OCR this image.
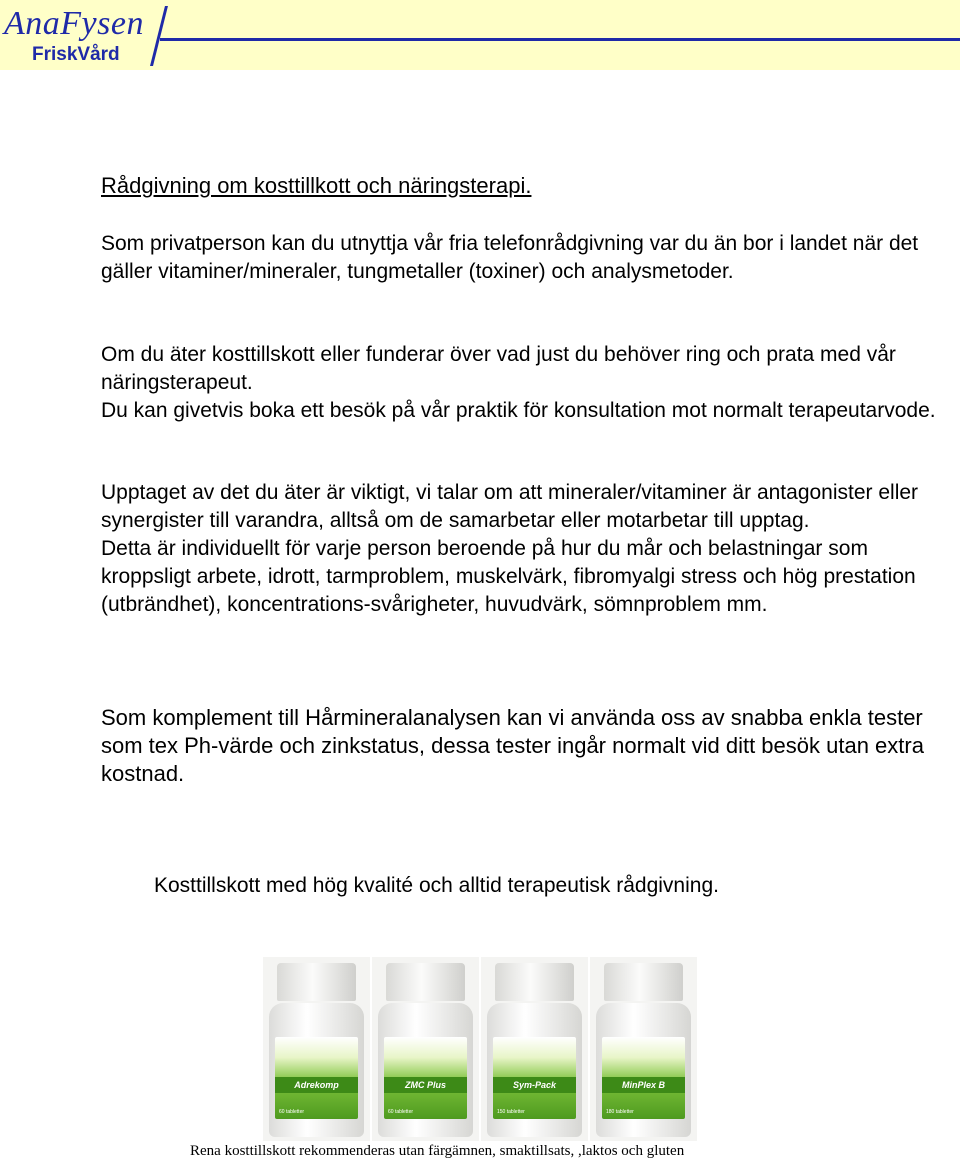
AnaFysen
FriskVård

Rådgivning om kosttillkott och näringsterapi.

Som privatperson kan du utnyttja vår fria telefonrådgivning var du än bor i landet när det gäller vitaminer/mineraler, tungmetaller (toxiner) och analysmetoder.

Om du äter kosttillskott eller funderar över vad just du behöver ring och prata med vår näringsterapeut.
Du kan givetvis boka ett besök på vår praktik för konsultation mot normalt terapeutarvode.
Upptaget av det du äter är viktigt, vi talar om att mineraler/vitaminer är antagonister eller synergister till varandra, alltså om de samarbetar eller motarbetar till upptag.
Detta är individuellt för varje person beroende på hur du mår och belastningar som kroppsligt arbete, idrott, tarmproblem, muskelvärk, fibromyalgi stress och hög prestation (utbrändhet), koncentrations-svårigheter, huvudvärk, sömnproblem mm.

Som komplement till Hårmineralanalysen kan vi använda oss av snabba enkla tester som tex Ph-värde och zinkstatus, dessa tester ingår normalt vid ditt besök utan extra kostnad.

Kosttillskott med hög kvalité och alltid terapeutisk rådgivning.

Adrekomp
60 tabletter
ZMC Plus
60 tabletter
Sym-Pack
150 tabletter
MinPlex B
180 tabletter

Rena kosttillskott rekommenderas utan färgämnen, smaktillsats, ,laktos och gluten
